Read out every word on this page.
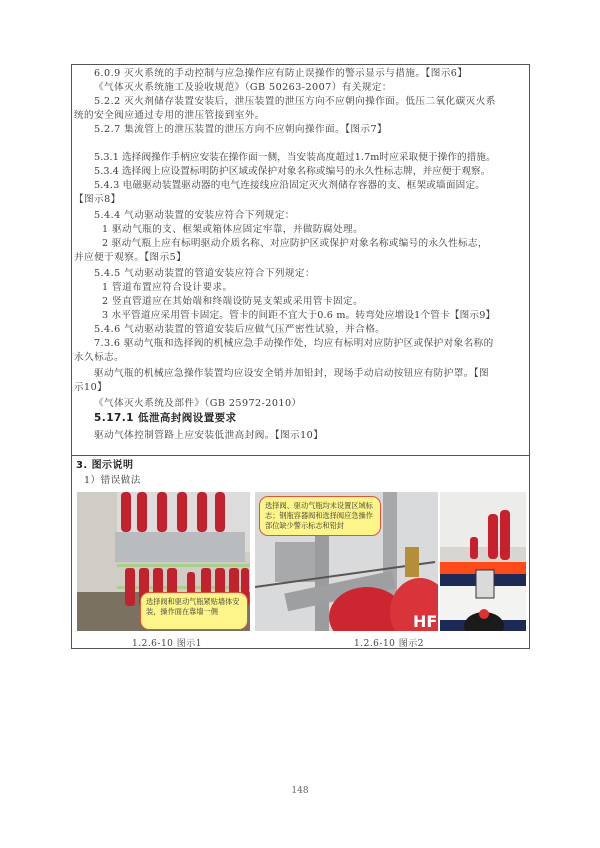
6.0.9 灭火系统的手动控制与应急操作应有防止误操作的警示显示与措施。【图示6】
《气体灭火系统施工及验收规范》（GB 50263-2007）有关规定：
5.2.2 灭火剂储存装置安装后，泄压装置的泄压方向不应朝向操作面。低压二氧化碳灭火系
统的安全阀应通过专用的泄压管接到室外。
5.2.7 集流管上的泄压装置的泄压方向不应朝向操作面。【图示7】
5.3.1 选择阀操作手柄应安装在操作面一侧，当安装高度超过1.7m时应采取便于操作的措施。
5.3.4 选择阀上应设置标明防护区域或保护对象名称或编号的永久性标志牌，并应便于观察。
5.4.3 电磁驱动装置驱动器的电气连接线应沿固定灭火剂储存容器的支、框架或墙面固定。
【图示8】
5.4.4 气动驱动装置的安装应符合下列规定：
1 驱动气瓶的支、框架或箱体应固定牢靠，并做防腐处理。
2 驱动气瓶上应有标明驱动介质名称、对应防护区或保护对象名称或编号的永久性标志，
并应便于观察。【图示5】
5.4.5 气动驱动装置的管道安装应符合下列规定：
1 管道布置应符合设计要求。
2 竖直管道应在其始端和终端设防晃支架或采用管卡固定。
3 水平管道应采用管卡固定。管卡的间距不宜大于0.6 m。转弯处应增设1个管卡【图示9】
5.4.6 气动驱动装置的管道安装后应做气压严密性试验，并合格。
7.3.6 驱动气瓶和选择阀的机械应急手动操作处，均应有标明对应防护区或保护对象名称的
永久标志。
驱动气瓶的机械应急操作装置均应设安全销并加铅封，现场手动启动按钮应有防护罩。【图
示10】
《气体灭火系统及部件》（GB 25972-2010）
5.17.1 低泄高封阀设置要求
驱动气体控制管路上应安装低泄高封阀。【图示10】
3. 图示说明
1）错误做法
选择阀和驱动气瓶紧贴墙体安装，操作面在靠墙一侧
1.2.6-10 图示1
HF
选择阀、驱动气瓶均未设置区域标志；钢瓶容器阀和选择阀应急操作部位缺少警示标志和铅封
1.2.6-10 图示2
148
